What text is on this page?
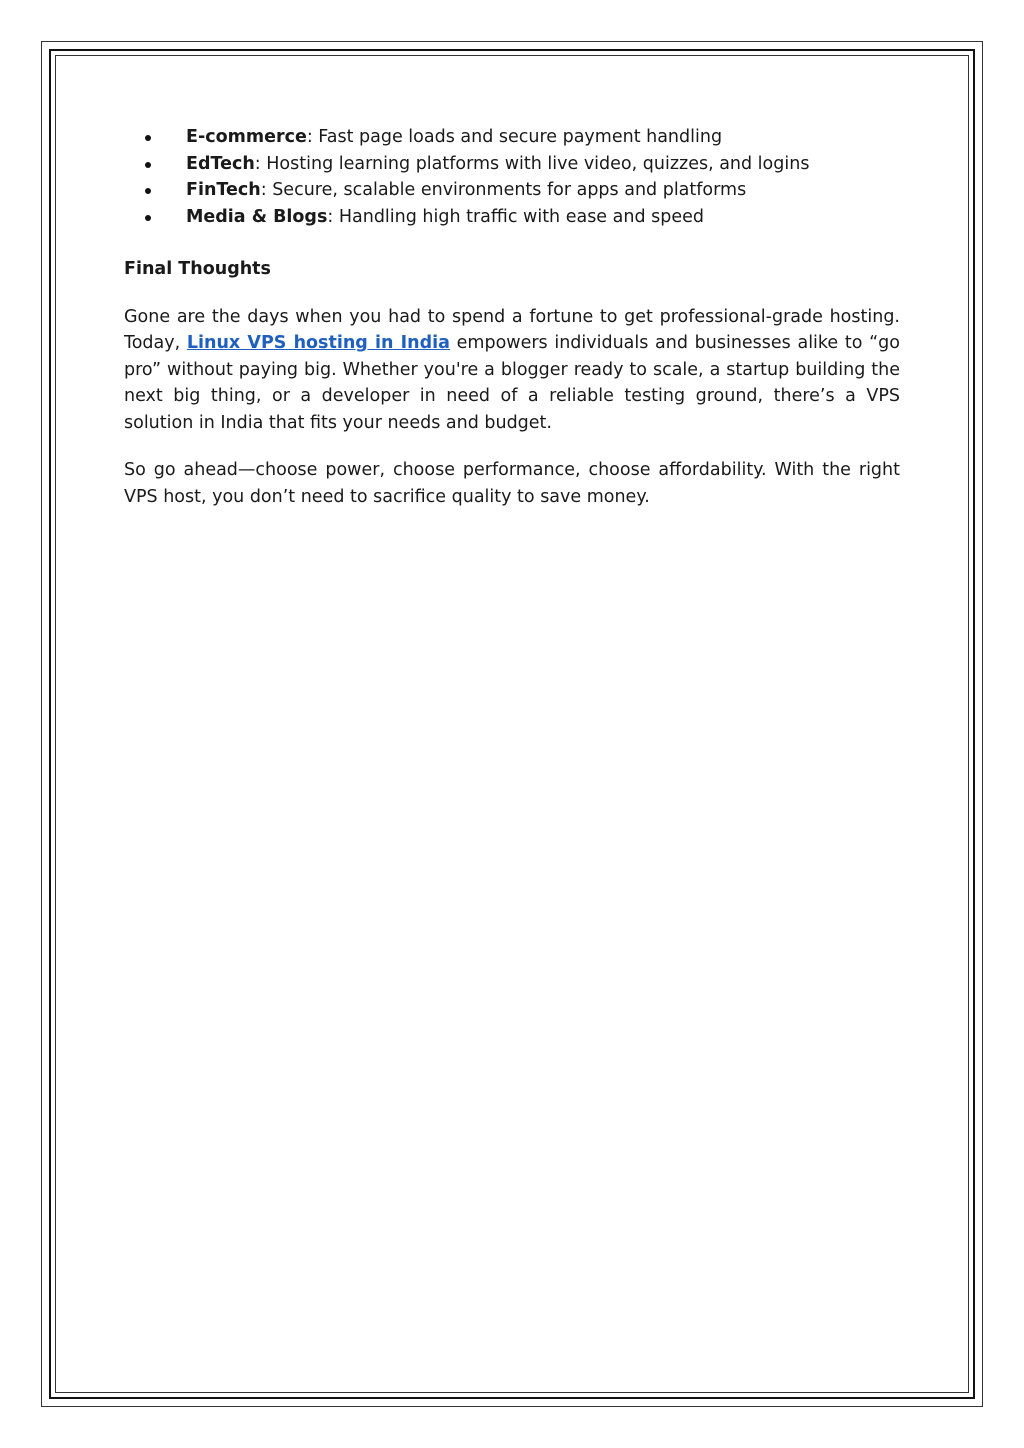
E-commerce: Fast page loads and secure payment handling
EdTech: Hosting learning platforms with live video, quizzes, and logins
FinTech: Secure, scalable environments for apps and platforms
Media & Blogs: Handling high traffic with ease and speed
Final Thoughts

Gone are the days when you had to spend a fortune to get professional-grade hosting. Today, Linux VPS hosting in India empowers individuals and businesses alike to “go pro” without paying big. Whether you're a blogger ready to scale, a startup building the next big thing, or a developer in need of a reliable testing ground, there’s a VPS solution in India that fits your needs and budget.

So go ahead—choose power, choose performance, choose affordability. With the right VPS host, you don’t need to sacrifice quality to save money.
